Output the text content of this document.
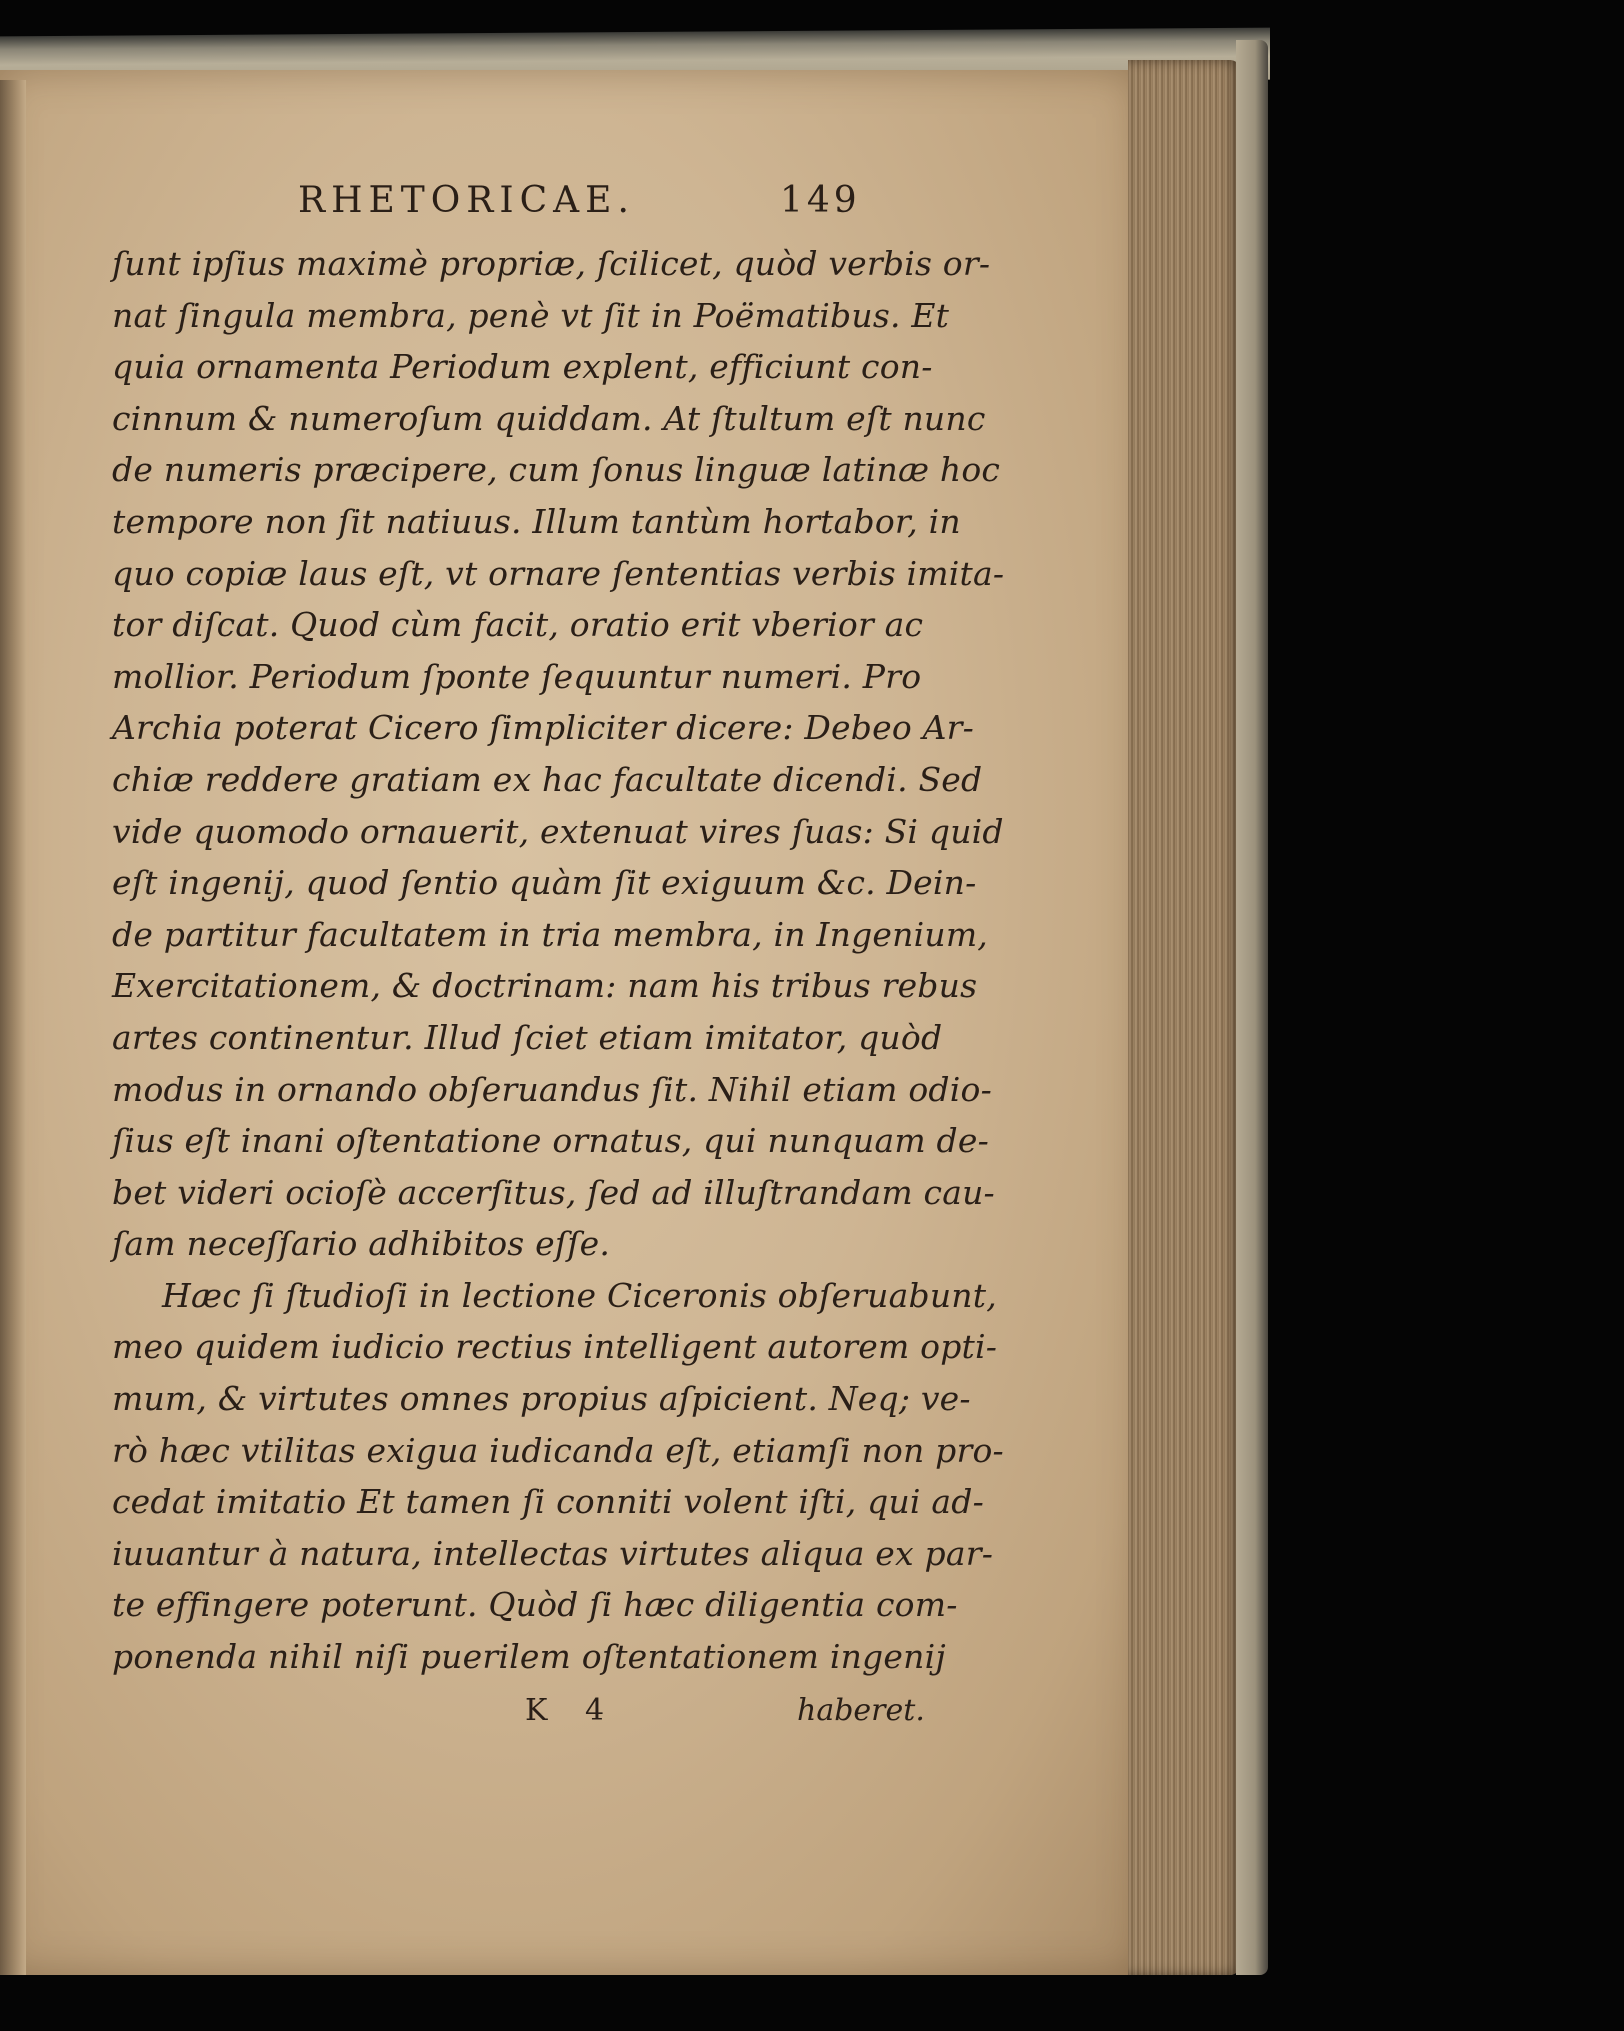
RHETORICAE.	149
ſunt ipſius maximè propriæ, ſcilicet, quòd verbis or-
nat ſingula membra, penè vt ſit in Poëmatibus. Et
quia ornamenta Periodum explent, efficiunt con-
cinnum & numeroſum quiddam. At ſtultum eſt nunc
de numeris præcipere, cum ſonus linguæ latinæ hoc
tempore non ſit natiuus. Illum tantùm hortabor, in
quo copiæ laus eſt, vt ornare ſententias verbis imita-
tor diſcat. Quod cùm facit, oratio erit vberior ac
mollior. Periodum ſponte ſequuntur numeri. Pro
Archia poterat Cicero ſimpliciter dicere: Debeo Ar-
chiæ reddere gratiam ex hac facultate dicendi. Sed
vide quomodo ornauerit, extenuat vires ſuas: Si quid
eſt ingenij, quod ſentio quàm ſit exiguum &c. Dein-
de partitur facultatem in tria membra, in Ingenium,
Exercitationem, & doctrinam: nam his tribus rebus
artes continentur. Illud ſciet etiam imitator, quòd
modus in ornando obſeruandus ſit. Nihil etiam odio-
ſius eſt inani oſtentatione ornatus, qui nunquam de-
bet videri ocioſè accerſitus, ſed ad illuſtrandam cau-
ſam neceſſario adhibitos eſſe.
Hæc ſi ſtudioſi in lectione Ciceronis obſeruabunt,
meo quidem iudicio rectius intelligent autorem opti-
mum, & virtutes omnes propius aſpicient. Neq; ve-
rò hæc vtilitas exigua iudicanda eſt, etiamſi non pro-
cedat imitatio Et tamen ſi conniti volent iſti, qui ad-
iuuantur à natura, intellectas virtutes aliqua ex par-
te effingere poterunt. Quòd ſi hæc diligentia com-
ponenda nihil niſi puerilem oſtentationem ingenij
K 4	haberet.
